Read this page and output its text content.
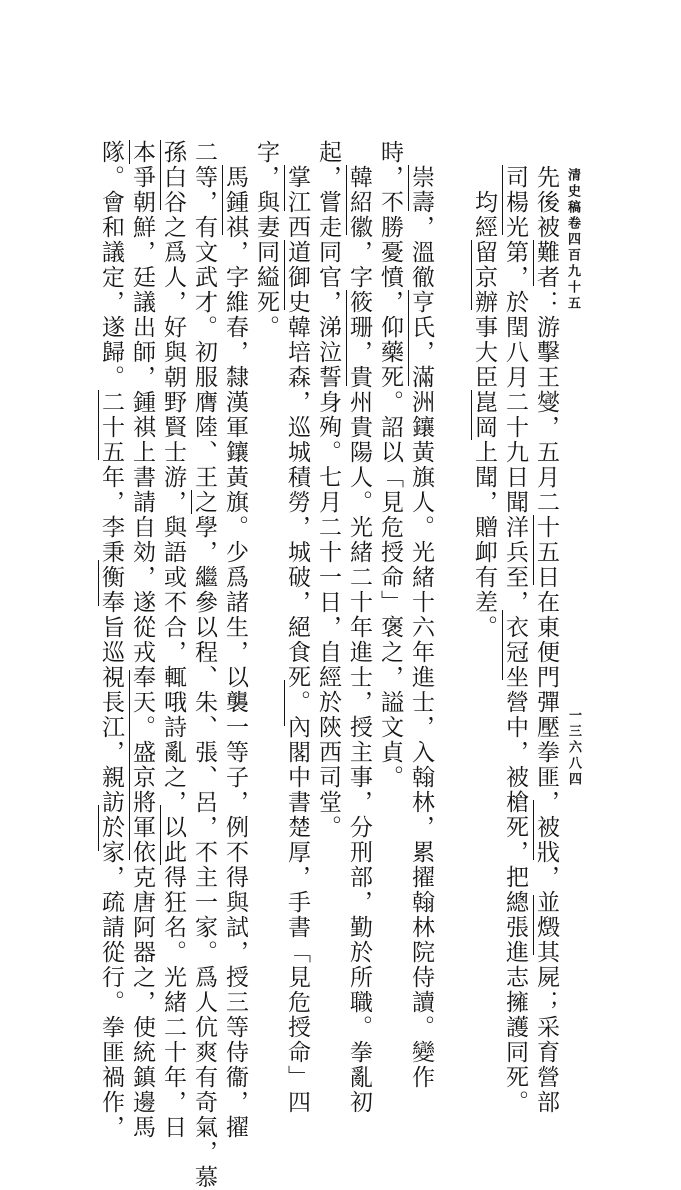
清史稿卷四百九十五
一三六八四
先後被難者：游擊王燮，五月二十五日在東便門彈壓拳匪，被戕，並燬其屍；采育營部
司楊光第，於閏八月二十九日聞洋兵至，衣冠坐營中，被槍死，把總張進志擁護同死。
均經留京辦事大臣崑岡上聞，贈卹有差。
崇壽，溫徹亨氏，滿洲鑲黃旗人。光緒十六年進士，入翰林，累擢翰林院侍讀。變作
時，不勝憂憤，仰藥死。詔以「見危授命」褒之，謚文貞。
韓紹徽，字筱珊，貴州貴陽人。光緒二十年進士，授主事，分刑部，勤於所職。拳亂初
起，嘗走同官，涕泣誓身殉。七月二十一日，自經於陝西司堂。
掌江西道御史韓培森，巡城積勞，城破，絕食死。內閣中書楚厚，手書「見危授命」四
字，與妻同縊死。
馬鍾祺，字維春，隸漢軍鑲黃旗。少爲諸生，以襲一等子，例不得與試，授三等侍衞，擢
二等，有文武才。初服膺陸、王之學，繼參以程、朱、張、呂，不主一家。爲人伉爽有奇氣，慕
孫白谷之爲人，好與朝野賢士游，與語或不合，輒哦詩亂之，以此得狂名。光緒二十年，日
本爭朝鮮，廷議出師，鍾祺上書請自効，遂從戎奉天。盛京將軍依克唐阿器之，使統鎮邊馬
隊。會和議定，遂歸。二十五年，李秉衡奉旨巡視長江，親訪於家，疏請從行。拳匪禍作，
